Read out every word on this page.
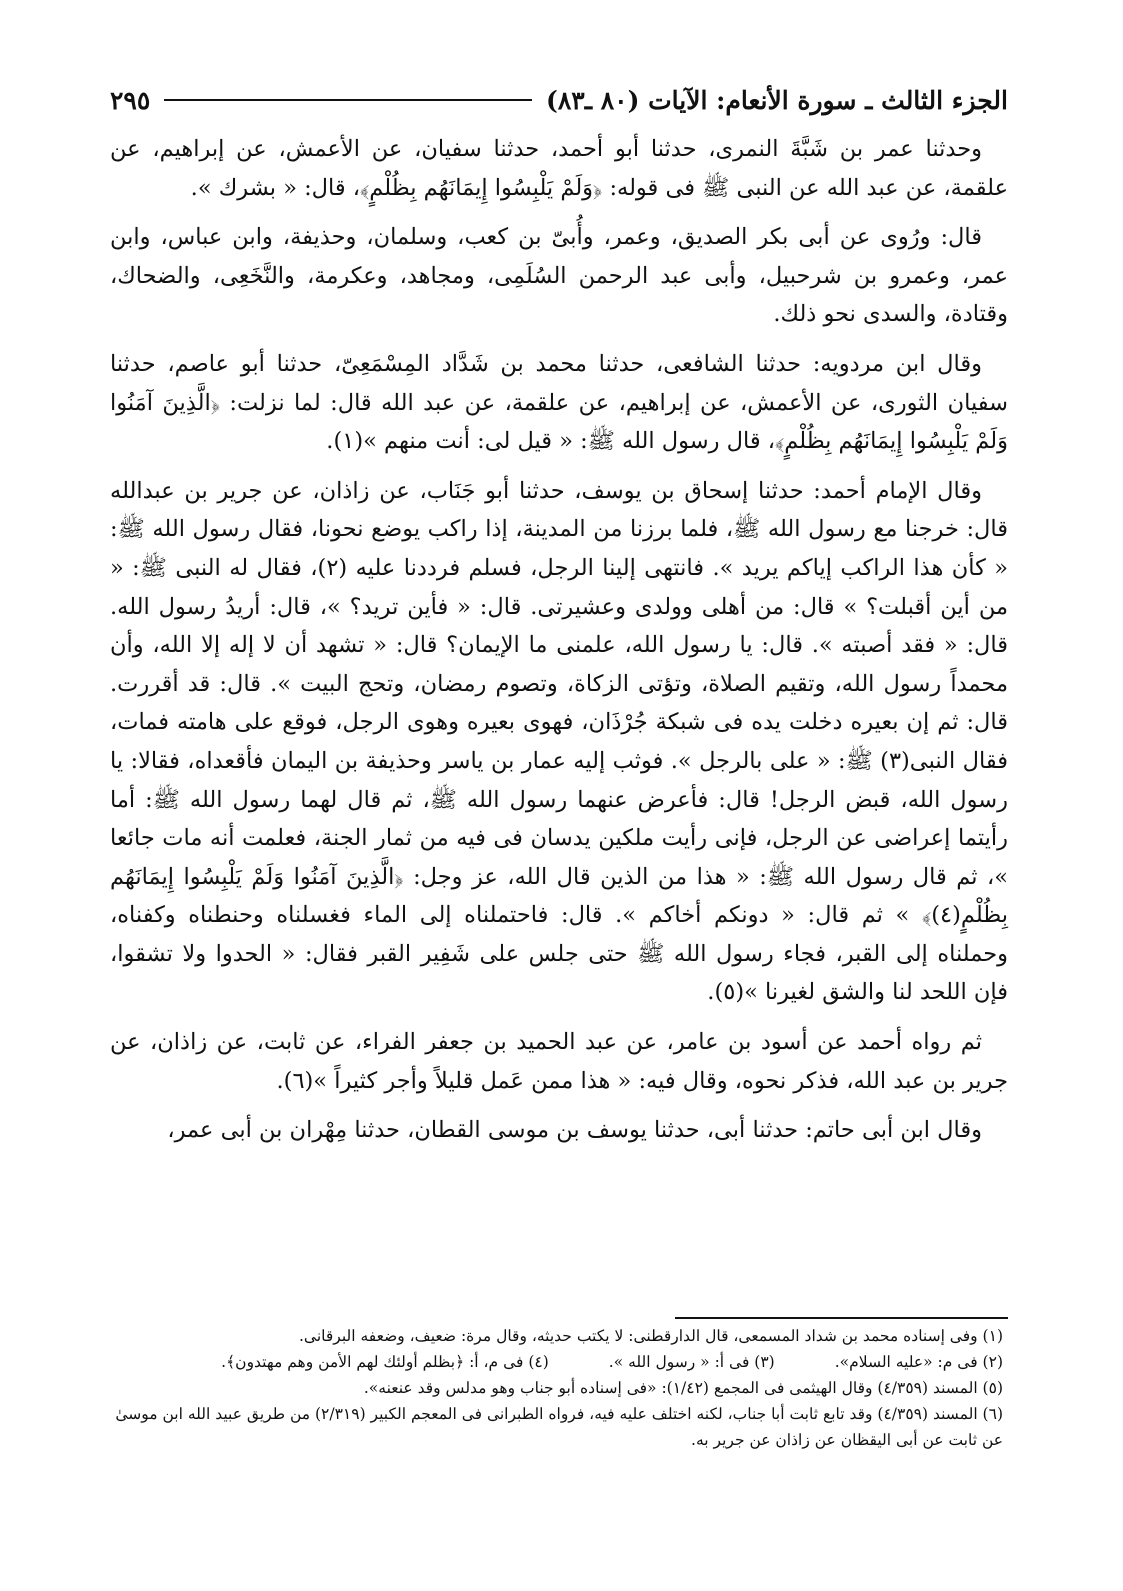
الجزء الثالث ـ سورة الأنعام: الآيات (٨٠ ـ٨٣)
٢٩٥

وحدثنا عمر بن شَبَّةَ النمرى، حدثنا أبو أحمد، حدثنا سفيان، عن الأعمش، عن إبراهيم، عن علقمة، عن عبد الله عن النبى ﷺ فى قوله: ﴿وَلَمْ يَلْبِسُوا إِيمَانَهُم بِظُلْمٍ﴾، قال: « بشرك ».

قال: ورُوى عن أبى بكر الصديق، وعمر، وأُبىّ بن كعب، وسلمان، وحذيفة، وابن عباس، وابن عمر، وعمرو بن شرحبيل، وأبى عبد الرحمن السُلَمِى، ومجاهد، وعكرمة، والنَّخَعِى، والضحاك، وقتادة، والسدى نحو ذلك.

وقال ابن مردويه: حدثنا الشافعى، حدثنا محمد بن شَدَّاد المِسْمَعِىّ، حدثنا أبو عاصم، حدثنا سفيان الثورى، عن الأعمش، عن إبراهيم، عن علقمة، عن عبد الله قال: لما نزلت: ﴿الَّذِينَ آمَنُوا وَلَمْ يَلْبِسُوا إِيمَانَهُم بِظُلْمٍ﴾، قال رسول الله ﷺ: « قيل لى: أنت منهم »(١).

وقال الإمام أحمد: حدثنا إسحاق بن يوسف، حدثنا أبو جَنَاب، عن زاذان، عن جرير بن عبدالله قال: خرجنا مع رسول الله ﷺ، فلما برزنا من المدينة، إذا راكب يوضع نحونا، فقال رسول الله ﷺ: « كأن هذا الراكب إياكم يريد ». فانتهى إلينا الرجل، فسلم فرددنا عليه (٢)، فقال له النبى ﷺ: « من أين أقبلت؟ » قال: من أهلى وولدى وعشيرتى. قال: « فأين تريد؟ »، قال: أريدُ رسول الله. قال: « فقد أصبته ». قال: يا رسول الله، علمنى ما الإيمان؟ قال: « تشهد أن لا إله إلا الله، وأن محمداً رسول الله، وتقيم الصلاة، وتؤتى الزكاة، وتصوم رمضان، وتحج البيت ». قال: قد أقررت. قال: ثم إن بعيره دخلت يده فى شبكة جُرْذَان، فهوى بعيره وهوى الرجل، فوقع على هامته فمات، فقال النبى(٣) ﷺ: « على بالرجل ». فوثب إليه عمار بن ياسر وحذيفة بن اليمان فأقعداه، فقالا: يا رسول الله، قبض الرجل! قال: فأعرض عنهما رسول الله ﷺ، ثم قال لهما رسول الله ﷺ: أما رأيتما إعراضى عن الرجل، فإنى رأيت ملكين يدسان فى فيه من ثمار الجنة، فعلمت أنه مات جائعا »، ثم قال رسول الله ﷺ: « هذا من الذين قال الله، عز وجل: ﴿الَّذِينَ آمَنُوا وَلَمْ يَلْبِسُوا إِيمَانَهُم بِظُلْمٍ(٤)﴾ » ثم قال: « دونكم أخاكم ». قال: فاحتملناه إلى الماء فغسلناه وحنطناه وكفناه، وحملناه إلى القبر، فجاء رسول الله ﷺ حتى جلس على شَفِير القبر فقال: « الحدوا ولا تشقوا، فإن اللحد لنا والشق لغيرنا »(٥).

ثم رواه أحمد عن أسود بن عامر، عن عبد الحميد بن جعفر الفراء، عن ثابت، عن زاذان، عن جرير بن عبد الله، فذكر نحوه، وقال فيه: « هذا ممن عَمل قليلاً وأجر كثيراً »(٦).

وقال ابن أبى حاتم: حدثنا أبى، حدثنا يوسف بن موسى القطان، حدثنا مِهْران بن أبى عمر،

(١) وفى إسناده محمد بن شداد المسمعى، قال الدارقطنى: لا يكتب حديثه، وقال مرة: ضعيف، وضعفه البرقانى.

(٢) فى م: «عليه السلام».
(٣) فى أ: « رسول الله ».
(٤) فى م، أ: ﴿بظلم أولئك لهم الأمن وهم مهتدون﴾.

(٥) المسند (٤/٣٥٩) وقال الهيثمى فى المجمع (١/٤٢): «فى إسناده أبو جناب وهو مدلس وقد عنعنه».

(٦) المسند (٤/٣٥٩) وقد تابع ثابت أبا جناب، لكنه اختلف عليه فيه، فرواه الطبرانى فى المعجم الكبير (٢/٣١٩) من طريق عبيد الله ابن موسىٰ عن ثابت عن أبى اليقظان عن زاذان عن جرير به.
